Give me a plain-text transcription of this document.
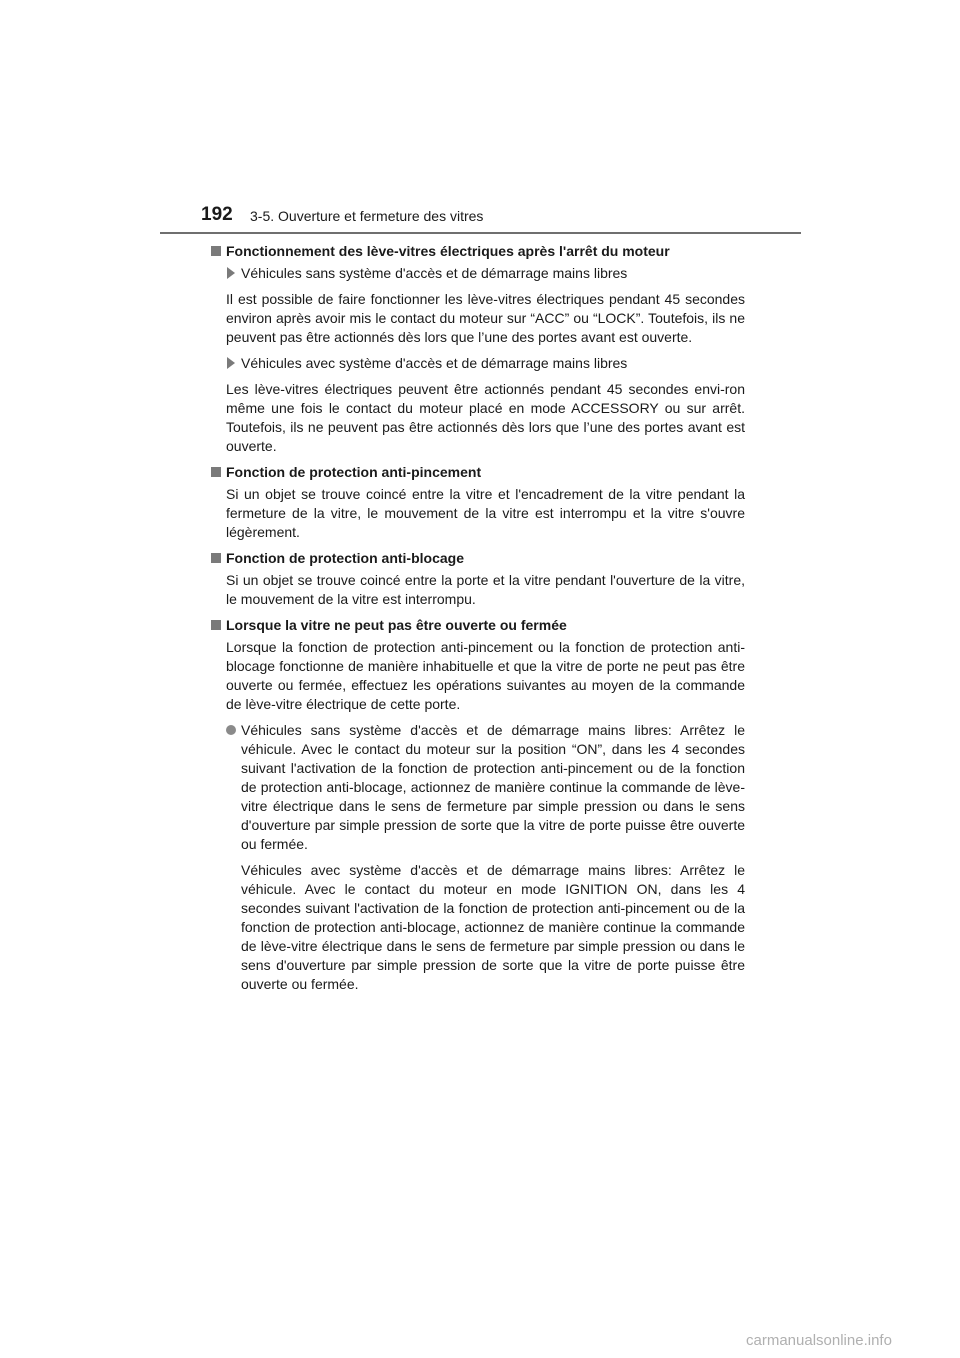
192 3-5. Ouverture et fermeture des vitres
Fonctionnement des lève-vitres électriques après l'arrêt du moteur
Véhicules sans système d'accès et de démarrage mains libres

Il est possible de faire fonctionner les lève-vitres électriques pendant 45 secondes environ après avoir mis le contact du moteur sur “ACC” ou “LOCK”. Toutefois, ils ne peuvent pas être actionnés dès lors que l’une des portes avant est ouverte.

Véhicules avec système d'accès et de démarrage mains libres

Les lève-vitres électriques peuvent être actionnés pendant 45 secondes envi-ron même une fois le contact du moteur placé en mode ACCESSORY ou sur arrêt. Toutefois, ils ne peuvent pas être actionnés dès lors que l’une des portes avant est ouverte.

Fonction de protection anti-pincement

Si un objet se trouve coincé entre la vitre et l'encadrement de la vitre pendant la fermeture de la vitre, le mouvement de la vitre est interrompu et la vitre s'ouvre légèrement.

Fonction de protection anti-blocage

Si un objet se trouve coincé entre la porte et la vitre pendant l'ouverture de la vitre, le mouvement de la vitre est interrompu.

Lorsque la vitre ne peut pas être ouverte ou fermée

Lorsque la fonction de protection anti-pincement ou la fonction de protection anti-blocage fonctionne de manière inhabituelle et que la vitre de porte ne peut pas être ouverte ou fermée, effectuez les opérations suivantes au moyen de la commande de lève-vitre électrique de cette porte.

Véhicules sans système d'accès et de démarrage mains libres: Arrêtez le véhicule. Avec le contact du moteur sur la position “ON”, dans les 4 secondes suivant l'activation de la fonction de protection anti-pincement ou de la fonction de protection anti-blocage, actionnez de manière continue la commande de lève-vitre électrique dans le sens de fermeture par simple pression ou dans le sens d'ouverture par simple pression de sorte que la vitre de porte puisse être ouverte ou fermée.

Véhicules avec système d'accès et de démarrage mains libres: Arrêtez le véhicule. Avec le contact du moteur en mode IGNITION ON, dans les 4 secondes suivant l'activation de la fonction de protection anti-pincement ou de la fonction de protection anti-blocage, actionnez de manière continue la commande de lève-vitre électrique dans le sens de fermeture par simple pression ou dans le sens d'ouverture par simple pression de sorte que la vitre de porte puisse être ouverte ou fermée.

carmanualsonline.info
